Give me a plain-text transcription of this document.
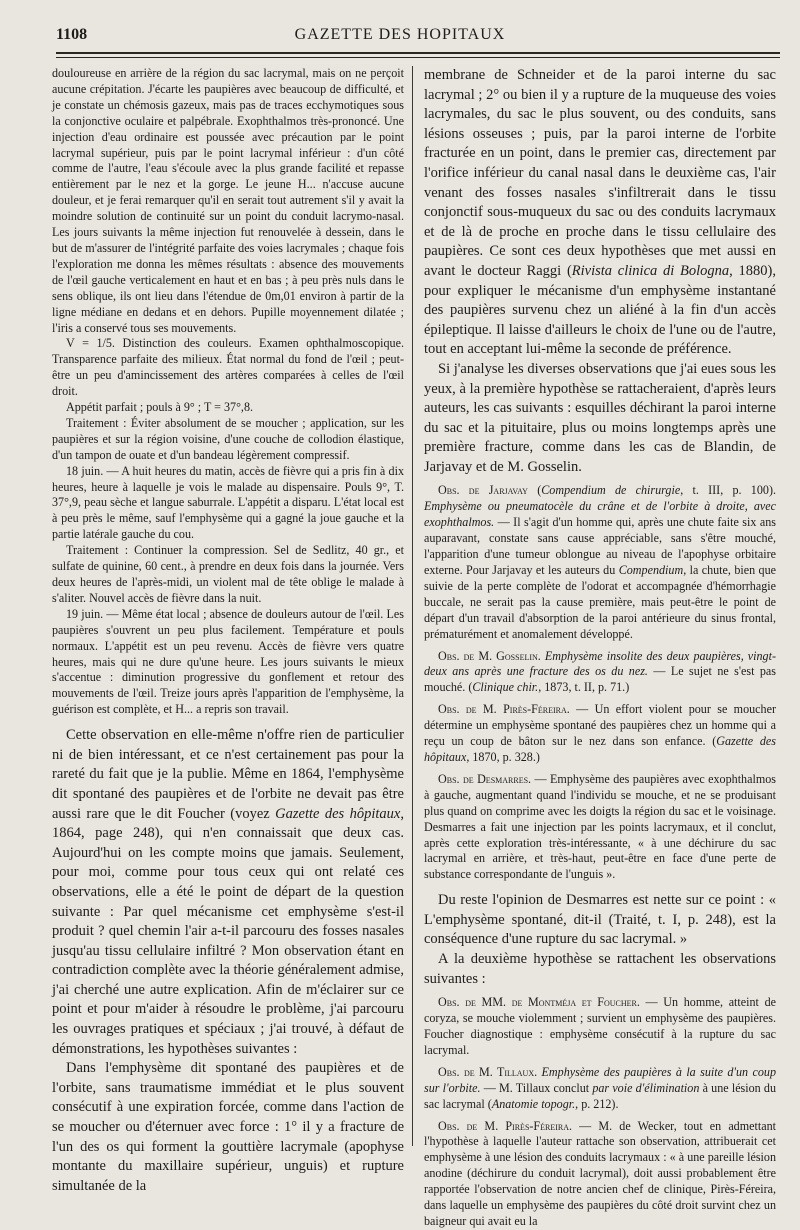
1108	GAZETTE DES HOPITAUX

douloureuse en arrière de la région du sac lacrymal, mais on ne perçoit aucune crépitation. J'écarte les paupières avec beaucoup de difficulté, et je constate un chémosis gazeux, mais pas de traces ecchymotiques sous la conjonctive oculaire et palpébrale. Exophthalmos très-prononcé. Une injection d'eau ordinaire est poussée avec précaution par le point lacrymal supérieur, puis par le point lacrymal inférieur : d'un côté comme de l'autre, l'eau s'écoule avec la plus grande facilité et repasse entièrement par le nez et la gorge. Le jeune H... n'accuse aucune douleur, et je ferai remarquer qu'il en serait tout autrement s'il y avait la moindre solution de continuité sur un point du conduit lacrymo-nasal. Les jours suivants la même injection fut renouvelée à dessein, dans le but de m'assurer de l'intégrité parfaite des voies lacrymales ; chaque fois l'exploration me donna les mêmes résultats : absence des mouvements de l'œil gauche verticalement en haut et en bas ; à peu près nuls dans le sens oblique, ils ont lieu dans l'étendue de 0m,01 environ à partir de la ligne médiane en dedans et en dehors. Pupille moyennement dilatée ; l'iris a conservé tous ses mouvements.

V = 1/5. Distinction des couleurs. Examen ophthalmoscopique. Transparence parfaite des milieux. État normal du fond de l'œil ; peut-être un peu d'amincissement des artères comparées à celles de l'œil droit.

Appétit parfait ; pouls à 9° ; T = 37°,8.

Traitement : Éviter absolument de se moucher ; application, sur les paupières et sur la région voisine, d'une couche de collodion élastique, d'un tampon de ouate et d'un bandeau légèrement compressif.

18 juin. — A huit heures du matin, accès de fièvre qui a pris fin à dix heures, heure à laquelle je vois le malade au dispensaire. Pouls 9°, T. 37°,9, peau sèche et langue saburrale. L'appétit a disparu. L'état local est à peu près le même, sauf l'emphysème qui a gagné la joue gauche et la partie latérale gauche du cou.

Traitement : Continuer la compression. Sel de Sedlitz, 40 gr., et sulfate de quinine, 60 cent., à prendre en deux fois dans la journée. Vers deux heures de l'après-midi, un violent mal de tête oblige le malade à s'aliter. Nouvel accès de fièvre dans la nuit.

19 juin. — Même état local ; absence de douleurs autour de l'œil. Les paupières s'ouvrent un peu plus facilement. Température et pouls normaux. L'appétit est un peu revenu. Accès de fièvre vers quatre heures, mais qui ne dure qu'une heure. Les jours suivants le mieux s'accentue : diminution progressive du gonflement et retour des mouvements de l'œil. Treize jours après l'apparition de l'emphysème, la guérison est complète, et H... a repris son travail.

Cette observation en elle-même n'offre rien de particulier ni de bien intéressant, et ce n'est certainement pas pour la rareté du fait que je la publie. Même en 1864, l'emphysème dit spontané des paupières et de l'orbite ne devait pas être aussi rare que le dit Foucher (voyez Gazette des hôpitaux, 1864, page 248), qui n'en connaissait que deux cas. Aujourd'hui on les compte moins que jamais. Seulement, pour moi, comme pour tous ceux qui ont relaté ces observations, elle a été le point de départ de la question suivante : Par quel mécanisme cet emphysème s'est-il produit ? quel chemin l'air a-t-il parcouru des fosses nasales jusqu'au tissu cellulaire infiltré ? Mon observation étant en contradiction complète avec la théorie généralement admise, j'ai cherché une autre explication. Afin de m'éclairer sur ce point et pour m'aider à résoudre le problème, j'ai parcouru les ouvrages pratiques et spéciaux ; j'ai trouvé, à défaut de démonstrations, les hypothèses suivantes :

Dans l'emphysème dit spontané des paupières et de l'orbite, sans traumatisme immédiat et le plus souvent consécutif à une expiration forcée, comme dans l'action de se moucher ou d'éternuer avec force : 1° il y a fracture de l'un des os qui forment la gouttière lacrymale (apophyse montante du maxillaire supérieur, unguis) et rupture simultanée de la

membrane de Schneider et de la paroi interne du sac lacrymal ; 2° ou bien il y a rupture de la muqueuse des voies lacrymales, du sac le plus souvent, ou des conduits, sans lésions osseuses ; puis, par la paroi interne de l'orbite fracturée en un point, dans le premier cas, directement par l'orifice inférieur du canal nasal dans le deuxième cas, l'air venant des fosses nasales s'infiltrerait dans le tissu conjonctif sous-muqueux du sac ou des conduits lacrymaux et de là de proche en proche dans le tissu cellulaire des paupières. Ce sont ces deux hypothèses que met aussi en avant le docteur Raggi (Rivista clinica di Bologna, 1880), pour expliquer le mécanisme d'un emphysème instantané des paupières survenu chez un aliéné à la fin d'un accès épileptique. Il laisse d'ailleurs le choix de l'une ou de l'autre, tout en acceptant lui-même la seconde de préférence.

Si j'analyse les diverses observations que j'ai eues sous les yeux, à la première hypothèse se rattacheraient, d'après leurs auteurs, les cas suivants : esquilles déchirant la paroi interne du sac et la pituitaire, plus ou moins longtemps après une première fracture, comme dans les cas de Blandin, de Jarjavay et de M. Gosselin.

Obs. de Jarjavay (Compendium de chirurgie, t. III, p. 100). Emphysème ou pneumatocèle du crâne et de l'orbite à droite, avec exophthalmos. — Il s'agit d'un homme qui, après une chute faite six ans auparavant, constate sans cause appréciable, sans s'être mouché, l'apparition d'une tumeur oblongue au niveau de l'apophyse orbitaire externe. Pour Jarjavay et les auteurs du Compendium, la chute, bien que suivie de la perte complète de l'odorat et accompagnée d'hémorrhagie buccale, ne serait pas la cause première, mais peut-être le point de départ d'un travail d'absorption de la paroi antérieure du sinus frontal, prématurément et anomalement développé.

Obs. de M. Gosselin. Emphysème insolite des deux paupières, vingt-deux ans après une fracture des os du nez. — Le sujet ne s'est pas mouché. (Clinique chir., 1873, t. II, p. 71.)

Obs. de M. Pirès-Féreira. — Un effort violent pour se moucher détermine un emphysème spontané des paupières chez un homme qui a reçu un coup de bâton sur le nez dans son enfance. (Gazette des hôpitaux, 1870, p. 328.)

Obs. de Desmarres. — Emphysème des paupières avec exophthalmos à gauche, augmentant quand l'individu se mouche, et ne se produisant plus quand on comprime avec les doigts la région du sac et le voisinage. Desmarres a fait une injection par les points lacrymaux, et il conclut, après cette exploration très-intéressante, « à une déchirure du sac lacrymal en arrière, et très-haut, peut-être en face d'une perte de substance correspondante de l'unguis ».

Du reste l'opinion de Desmarres est nette sur ce point : « L'emphysème spontané, dit-il (Traité, t. I, p. 248), est la conséquence d'une rupture du sac lacrymal. »

A la deuxième hypothèse se rattachent les observations suivantes :

Obs. de MM. de Montméja et Foucher. — Un homme, atteint de coryza, se mouche violemment ; survient un emphysème des paupières. Foucher diagnostique : emphysème consécutif à la rupture du sac lacrymal.

Obs. de M. Tillaux. Emphysème des paupières à la suite d'un coup sur l'orbite. — M. Tillaux conclut par voie d'élimination à une lésion du sac lacrymal (Anatomie topogr., p. 212).

Obs. de M. Pirès-Féreira. — M. de Wecker, tout en admettant l'hypothèse à laquelle l'auteur rattache son observation, attribuerait cet emphysème à une lésion des conduits lacrymaux : « à une pareille lésion anodine (déchirure du conduit lacrymal), doit aussi probablement être rapportée l'observation de notre ancien chef de clinique, Pirès-Féreira, dans laquelle un emphysème des paupières du côté droit survint chez un baigneur qui avait eu la
